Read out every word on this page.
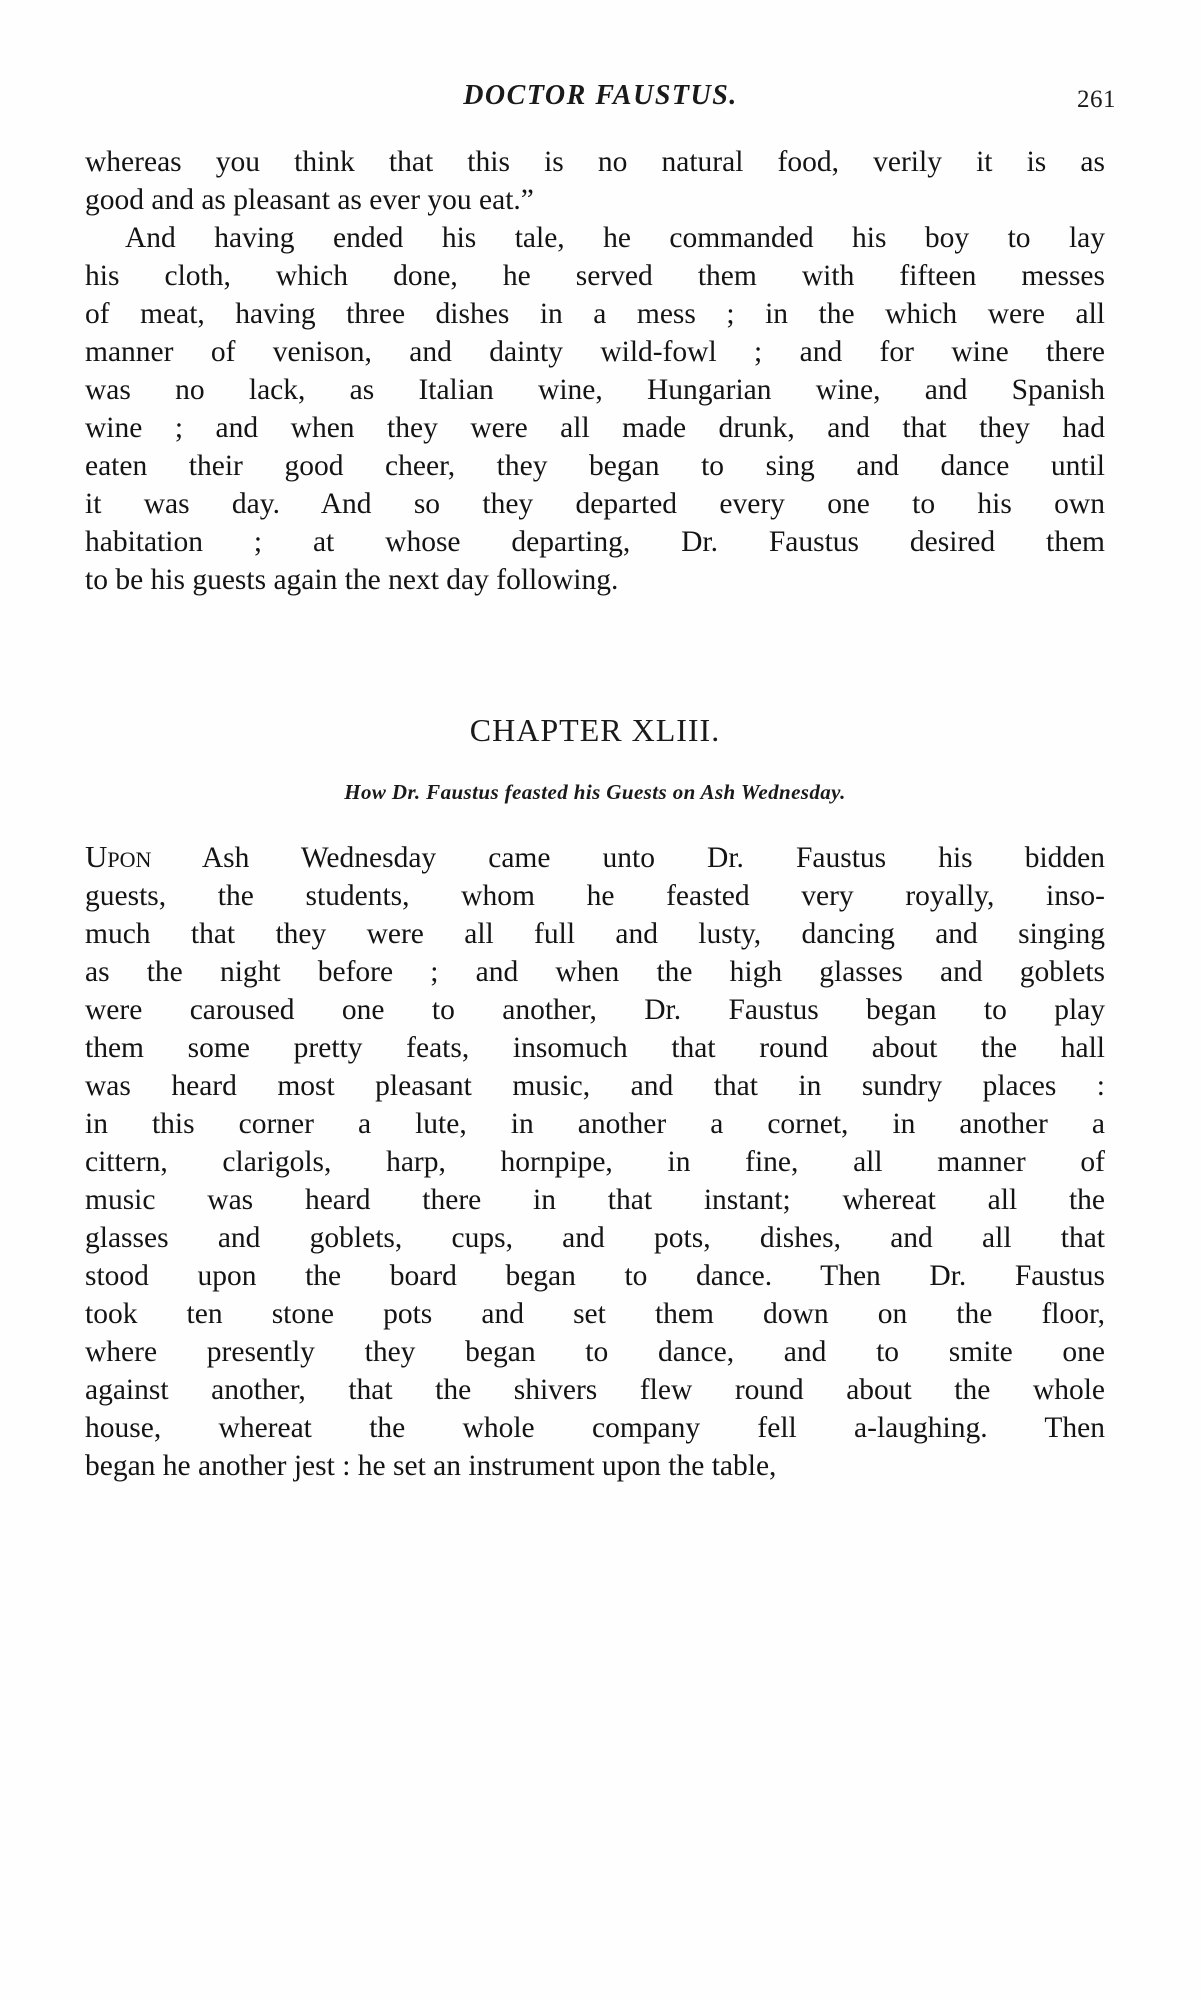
DOCTOR FAUSTUS.	261
whereas you think that this is no natural food, verily it is as
good and as pleasant as ever you eat.”
And having ended his tale, he commanded his boy to lay
his cloth, which done, he served them with fifteen messes
of meat, having three dishes in a mess ; in the which were all
manner of venison, and dainty wild-fowl ; and for wine there
was no lack, as Italian wine, Hungarian wine, and Spanish
wine ; and when they were all made drunk, and that they had
eaten their good cheer, they began to sing and dance until
it was day. And so they departed every one to his own
habitation ; at whose departing, Dr. Faustus desired them
to be his guests again the next day following.
CHAPTER XLIII.
How Dr. Faustus feasted his Guests on Ash Wednesday.
Upon Ash Wednesday came unto Dr. Faustus his bidden
guests, the students, whom he feasted very royally, inso-
much that they were all full and lusty, dancing and singing
as the night before ; and when the high glasses and goblets
were caroused one to another, Dr. Faustus began to play
them some pretty feats, insomuch that round about the hall
was heard most pleasant music, and that in sundry places :
in this corner a lute, in another a cornet, in another a
cittern, clarigols, harp, hornpipe, in fine, all manner of
music was heard there in that instant; whereat all the
glasses and goblets, cups, and pots, dishes, and all that
stood upon the board began to dance. Then Dr. Faustus
took ten stone pots and set them down on the floor,
where presently they began to dance, and to smite one
against another, that the shivers flew round about the whole
house, whereat the whole company fell a-laughing. Then
began he another jest : he set an instrument upon the table,
